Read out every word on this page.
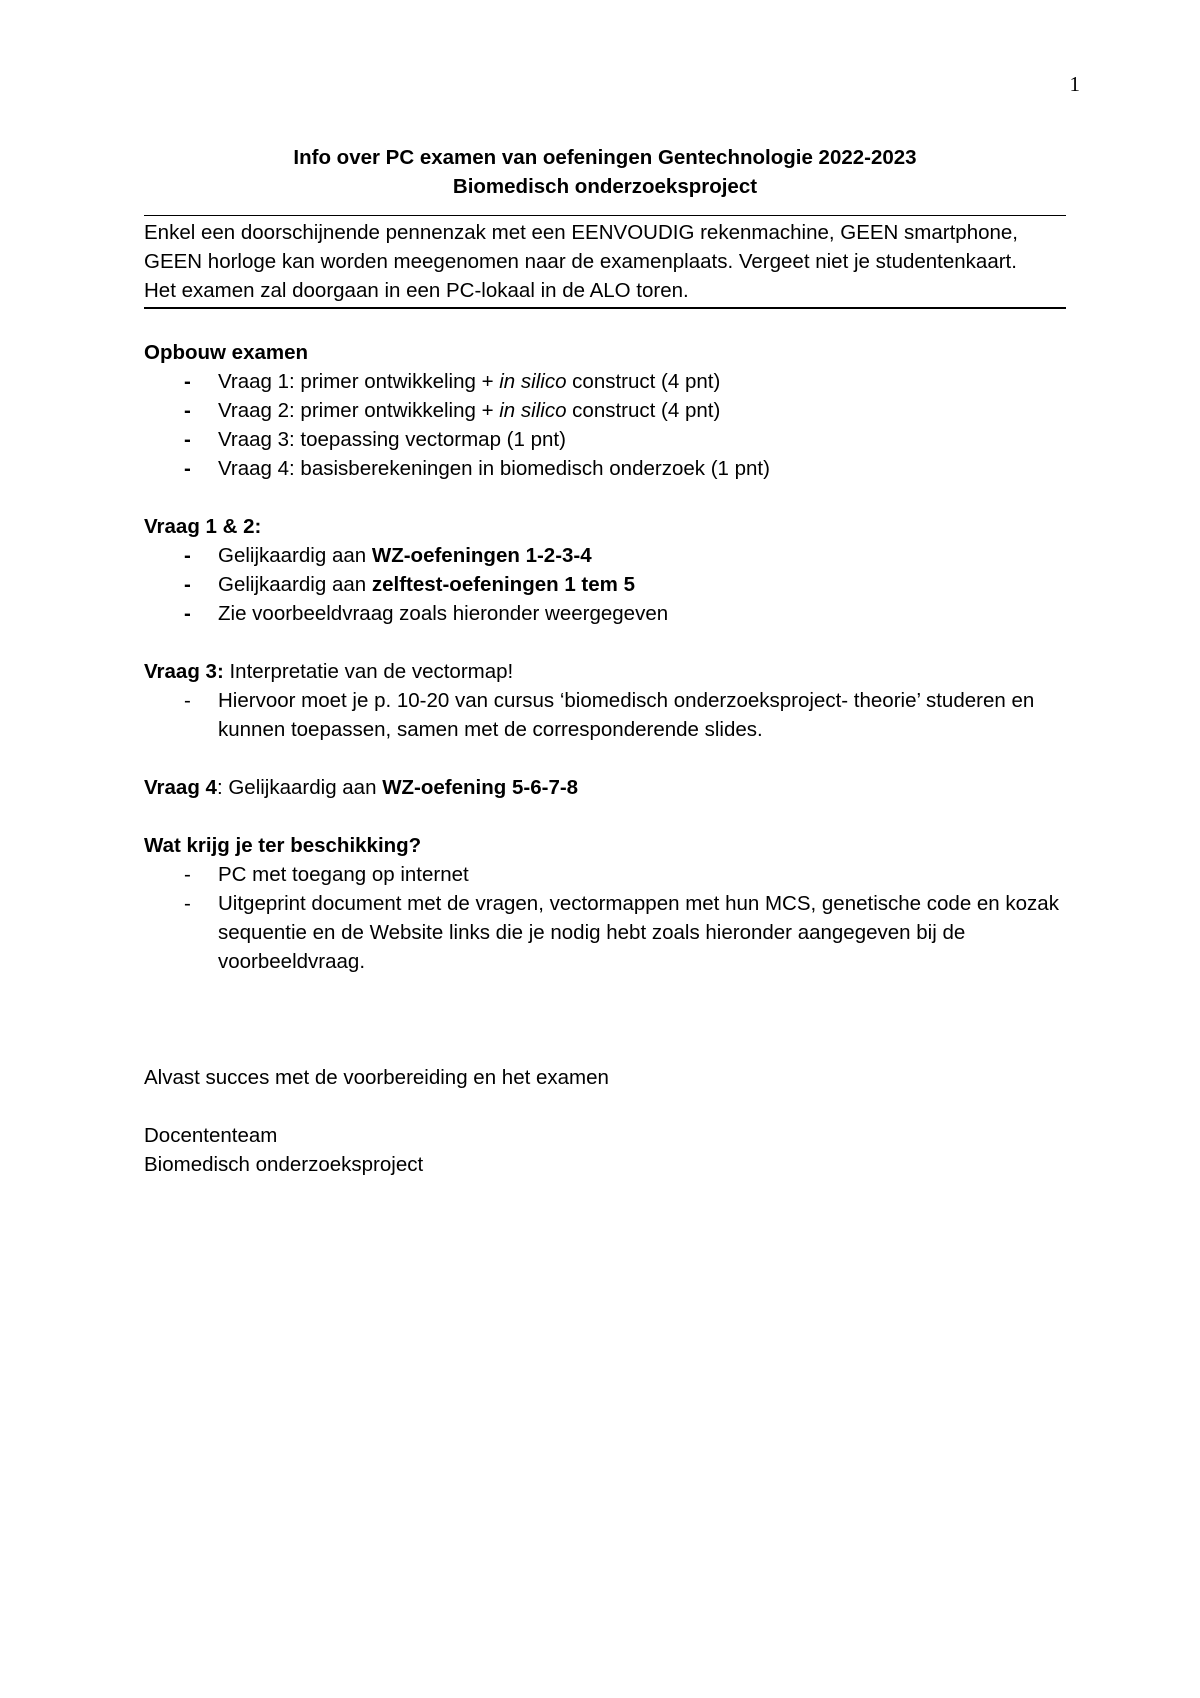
1
Info over PC examen van oefeningen Gentechnologie 2022-2023
Biomedisch onderzoeksproject

Enkel een doorschijnende pennenzak met een EENVOUDIG rekenmachine, GEEN smartphone, GEEN horloge kan worden meegenomen naar de examenplaats. Vergeet niet je studentenkaart.

Het examen zal doorgaan in een PC-lokaal in de ALO toren.

Opbouw examen
- Vraag 1: primer ontwikkeling + in silico construct (4 pnt)
- Vraag 2: primer ontwikkeling + in silico construct (4 pnt)
- Vraag 3: toepassing vectormap (1 pnt)
- Vraag 4: basisberekeningen in biomedisch onderzoek (1 pnt)
Vraag 1 & 2:
- Gelijkaardig aan WZ-oefeningen 1-2-3-4
- Gelijkaardig aan zelftest-oefeningen 1 tem 5
- Zie voorbeeldvraag zoals hieronder weergegeven
Vraag 3: Interpretatie van de vectormap!
- Hiervoor moet je p. 10-20 van cursus ‘biomedisch onderzoeksproject- theorie’ studeren en kunnen toepassen, samen met de corresponderende slides.
Vraag 4: Gelijkaardig aan WZ-oefening 5-6-7-8
Wat krijg je ter beschikking?
- PC met toegang op internet
- Uitgeprint document met de vragen, vectormappen met hun MCS, genetische code en kozak sequentie en de Website links die je nodig hebt zoals hieronder aangegeven bij de voorbeeldvraag.

Alvast succes met de voorbereiding en het examen

Docententeam

Biomedisch onderzoeksproject
